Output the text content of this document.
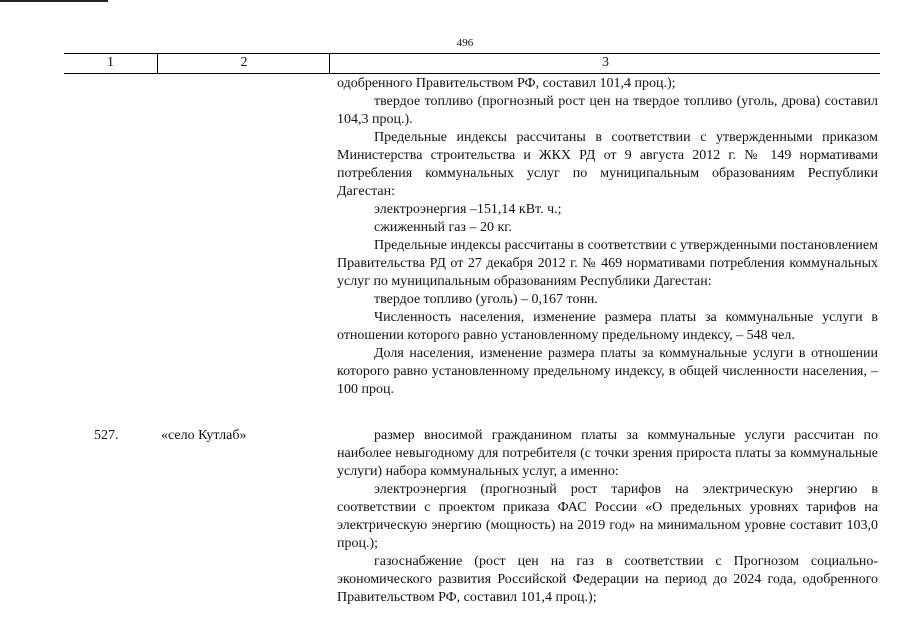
496
1	2	3

одобренного Правительством РФ, составил 101,4 проц.);

твердое топливо (прогнозный рост цен на твердое топливо (уголь, дрова) составил 104,3 проц.).

Предельные индексы рассчитаны в соответствии с утвержденными приказом Министерства строительства и ЖКХ РД от 9 августа 2012 г. № 149 нормативами потребления коммунальных услуг по муниципальным образованиям Республики Дагестан:

электроэнергия –151,14 кВт. ч.;

сжиженный газ – 20 кг.

Предельные индексы рассчитаны в соответствии с утвержденными постановлением Правительства РД от 27 декабря 2012 г. № 469 нормативами потребления коммунальных услуг по муниципальным образованиям Республики Дагестан:

твердое топливо (уголь) – 0,167 тонн.

Численность населения, изменение размера платы за коммунальные услуги в отношении которого равно установленному предельному индексу, – 548 чел.

Доля населения, изменение размера платы за коммунальные услуги в отношении которого равно установленному предельному индексу, в общей численности населения, – 100 проц.

527.	«село Кутлаб»	размер вносимой гражданином платы за коммунальные услуги рассчитан по наиболее невыгодному для потребителя (с точки зрения прироста платы за коммунальные услуги) набора коммунальных услуг, а именно:

электроэнергия (прогнозный рост тарифов на электрическую энергию в соответствии с проектом приказа ФАС России «О предельных уровнях тарифов на электрическую энергию (мощность) на 2019 год» на минимальном уровне составит 103,0 проц.);

газоснабжение (рост цен на газ в соответствии с Прогнозом социально-экономического развития Российской Федерации на период до 2024 года, одобренного Правительством РФ, составил 101,4 проц.);
